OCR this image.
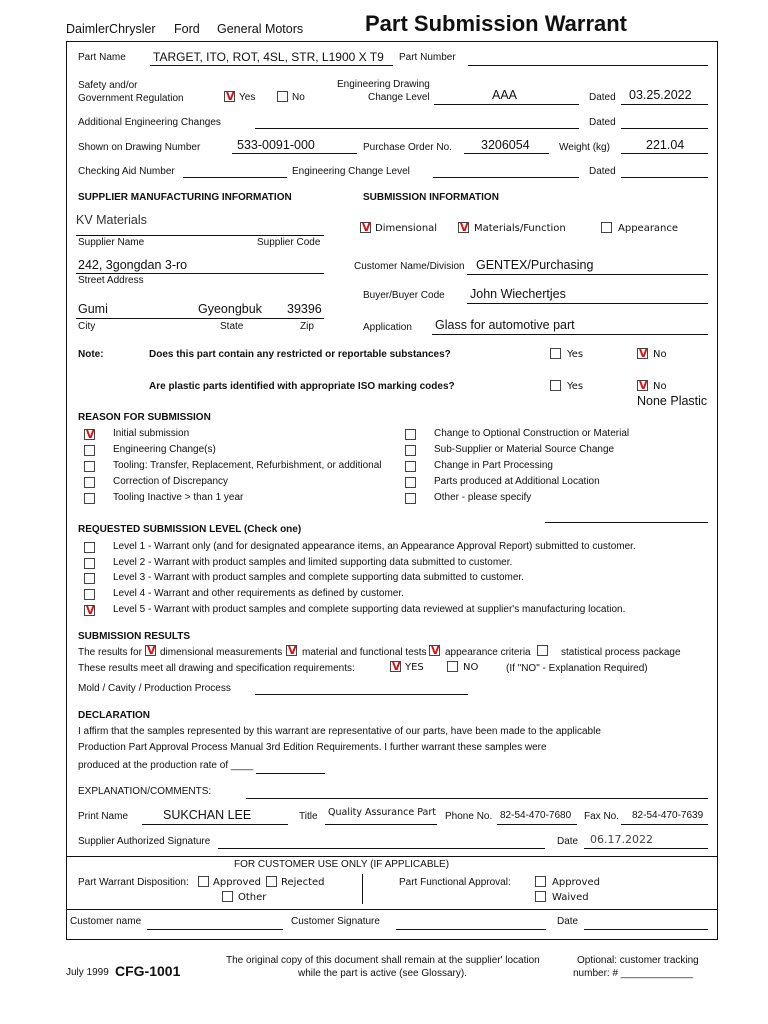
DaimlerChrysler Ford General Motors	Part Submission Warrant
Part Name TARGET, ITO, ROT, 4SL, STR, L1900 X T9 Part Number
Safety and/or
Government Regulation V	Yes	No
Engineering Drawing
Change Level	AAA	Dated 03.25.2022
Additional Engineering Changes	Dated
Shown on Drawing Number	533-0091-000	Purchase Order No. 3206054	Weight (kg)	221.04
Checking Aid Number	Engineering Change Level	Dated
SUPPLIER MANUFACTURING INFORMATION
KV Materials
Supplier Name	Supplier Code
242, 3gongdan 3-ro
Street Address
Gumi	Gyeongbuk 39396
City	State	Zip
SUBMISSION INFORMATION
V
Dimensional V	Materials/Function	Appearance
Customer Name/Division GENTEX/Purchasing
Buyer/Buyer Code John Wiechertjes
Application Glass for automotive part
Note:	Does this part contain any restricted or reportable substances?	Yes V	No
Are plastic parts identified with appropriate ISO marking codes?	Yes V	No
None Plastic
REASON FOR SUBMISSION
V
Initial submission
Engineering Change(s)
Tooling: Transfer, Replacement, Refurbishment, or additional
Correction of Discrepancy
Tooling Inactive > than 1 year
Change to Optional Construction or Material
Sub-Supplier or Material Source Change
Change in Part Processing
Parts produced at Additional Location
Other - please specify
REQUESTED SUBMISSION LEVEL (Check one)
Level 1 - Warrant only (and for designated appearance items, an Appearance Approval Report) submitted to customer.
Level 2 - Warrant with product samples and limited supporting data submitted to customer.
Level 3 - Warrant with product samples and complete supporting data submitted to customer.
Level 4 - Warrant and other requirements as defined by customer.
V
Level 5 - Warrant with product samples and complete supporting data reviewed at supplier's manufacturing location.
SUBMISSION RESULTS
The results for V dimensional measurements V material and functional tests V appearance criteria	statistical process package
These results meet all drawing and specification requirements: V	YES	NO	(If "NO" - Explanation Required)
Mold / Cavity / Production Process
DECLARATION
I affirm that the samples represented by this warrant are representative of our parts, have been made to the applicable
Production Part Approval Process Manual 3rd Edition Requirements. I further warrant these samples were
produced at the production rate of ____
EXPLANATION/COMMENTS:
Print Name	SUKCHAN LEE	Title Quality Assurance Part Phone No. 82-54-470-7680 Fax No. 82-54-470-7639
Supplier Authorized Signature	Date 06.17.2022
FOR CUSTOMER USE ONLY (IF APPLICABLE)
Part Warrant Disposition: Approved Rejected
Other
Part Functional Approval:	Approved
Waived
Customer name	Customer Signature	Date
July 1999 CFG-1001
The original copy of this document shall remain at the supplier' location
while the part is active (see Glossary).
Optional: customer tracking
number: # _____________
